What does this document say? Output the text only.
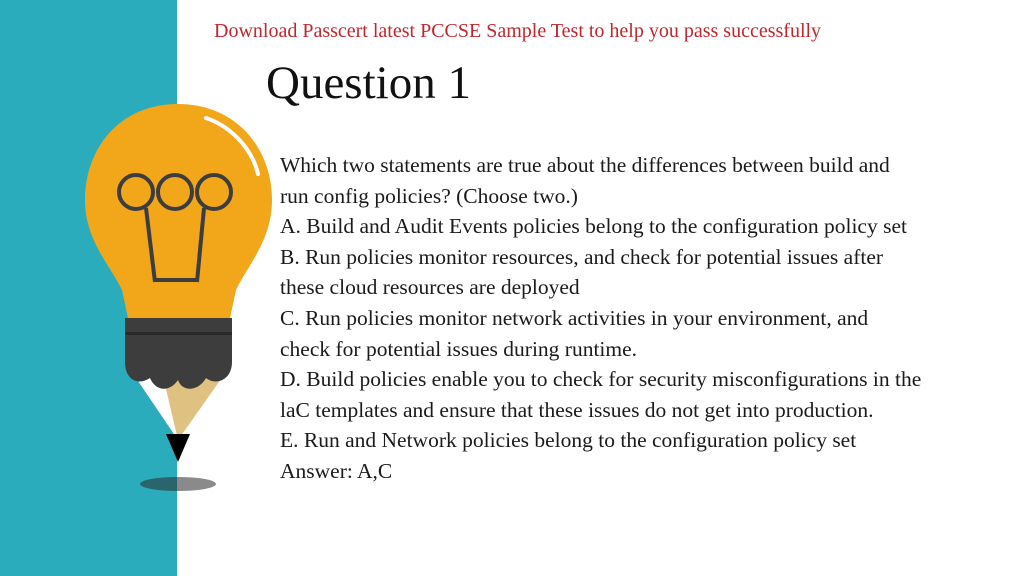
Download Passcert latest PCCSE Sample Test to help you pass successfully
Question 1
Which two statements are true about the differences between build and
run config policies? (Choose two.)
A. Build and Audit Events policies belong to the configuration policy set
B. Run policies monitor resources, and check for potential issues after
these cloud resources are deployed
C. Run policies monitor network activities in your environment, and
check for potential issues during runtime.
D. Build policies enable you to check for security misconfigurations in the
laC templates and ensure that these issues do not get into production.
E. Run and Network policies belong to the configuration policy set
Answer: A,C
